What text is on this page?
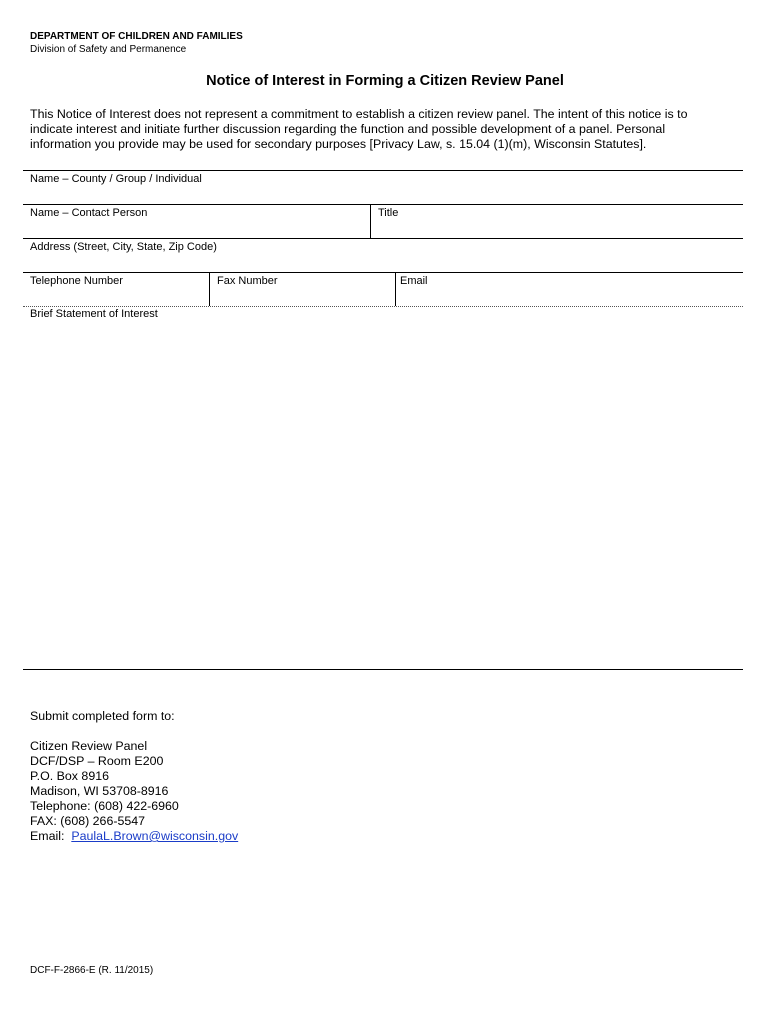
DEPARTMENT OF CHILDREN AND FAMILIES
Division of Safety and Permanence
Notice of Interest in Forming a Citizen Review Panel
This Notice of Interest does not represent a commitment to establish a citizen review panel. The intent of this notice is to indicate interest and initiate further discussion regarding the function and possible development of a panel. Personal information you provide may be used for secondary purposes [Privacy Law, s. 15.04 (1)(m), Wisconsin Statutes].
Name – County / Group / Individual
Name – Contact Person	Title
Address (Street, City, State, Zip Code)
Telephone Number	Fax Number	Email
Brief Statement of Interest
Submit completed form to:
Citizen Review Panel
DCF/DSP – Room E200
P.O. Box 8916
Madison, WI 53708-8916
Telephone: (608) 422-6960
FAX: (608) 266-5547
Email:  PaulaL.Brown@wisconsin.gov
DCF-F-2866-E (R. 11/2015)
